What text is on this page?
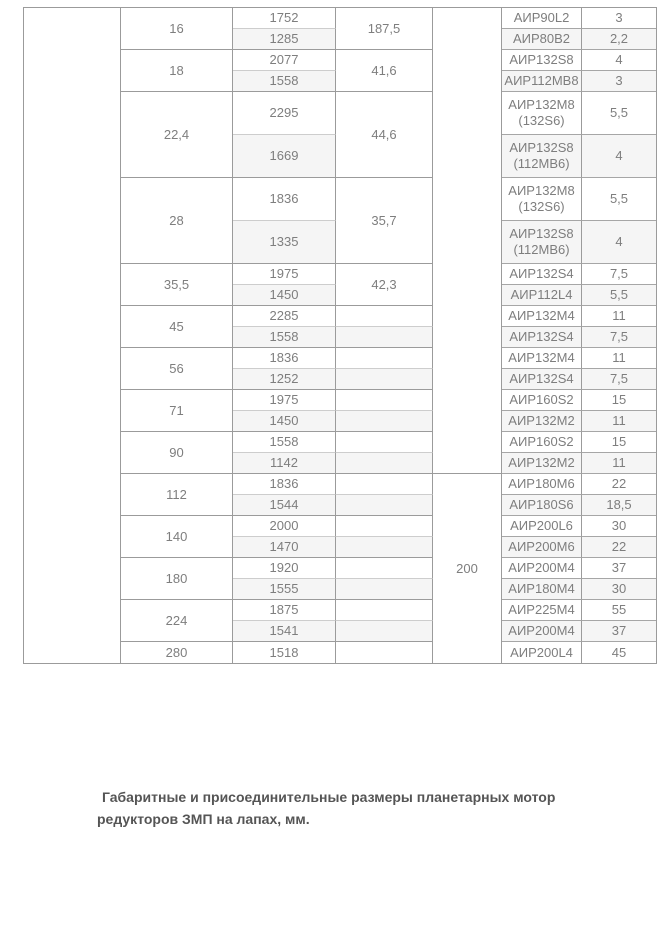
	16	1752	187,5		АИР90L2	3
		1285			АИР80В2	2,2
	18	2077	41,6		АИР132S8	4
		1558			АИР112МВ8	3
	22,4	2295	44,6		АИР132М8(132S6)	5,5
		1669			АИР132S8(112МВ6)	4
	28	1836	35,7		АИР132М8(132S6)	5,5
		1335			АИР132S8(112МВ6)	4
	35,5	1975	42,3		АИР132S4	7,5
		1450			АИР112L4	5,5
	45	2285			АИР132М4	11
		1558			АИР132S4	7,5
	56	1836			АИР132М4	11
		1252			АИР132S4	7,5
	71	1975			АИР160S2	15
		1450			АИР132М2	11
	90	1558			АИР160S2	15
		1142			АИР132М2	11
	112	1836		200	АИР180М6	22
		1544			АИР180S6	18,5
	140	2000			АИР200L6	30
		1470			АИР200М6	22
	180	1920			АИР200М4	37
		1555			АИР180М4	30
	224	1875			АИР225М4	55
		1541			АИР200М4	37
	280	1518			АИР200L4	45
Габаритные и присоединительные размеры планетарных мотор редукторов ЗМП на лапах, мм.
